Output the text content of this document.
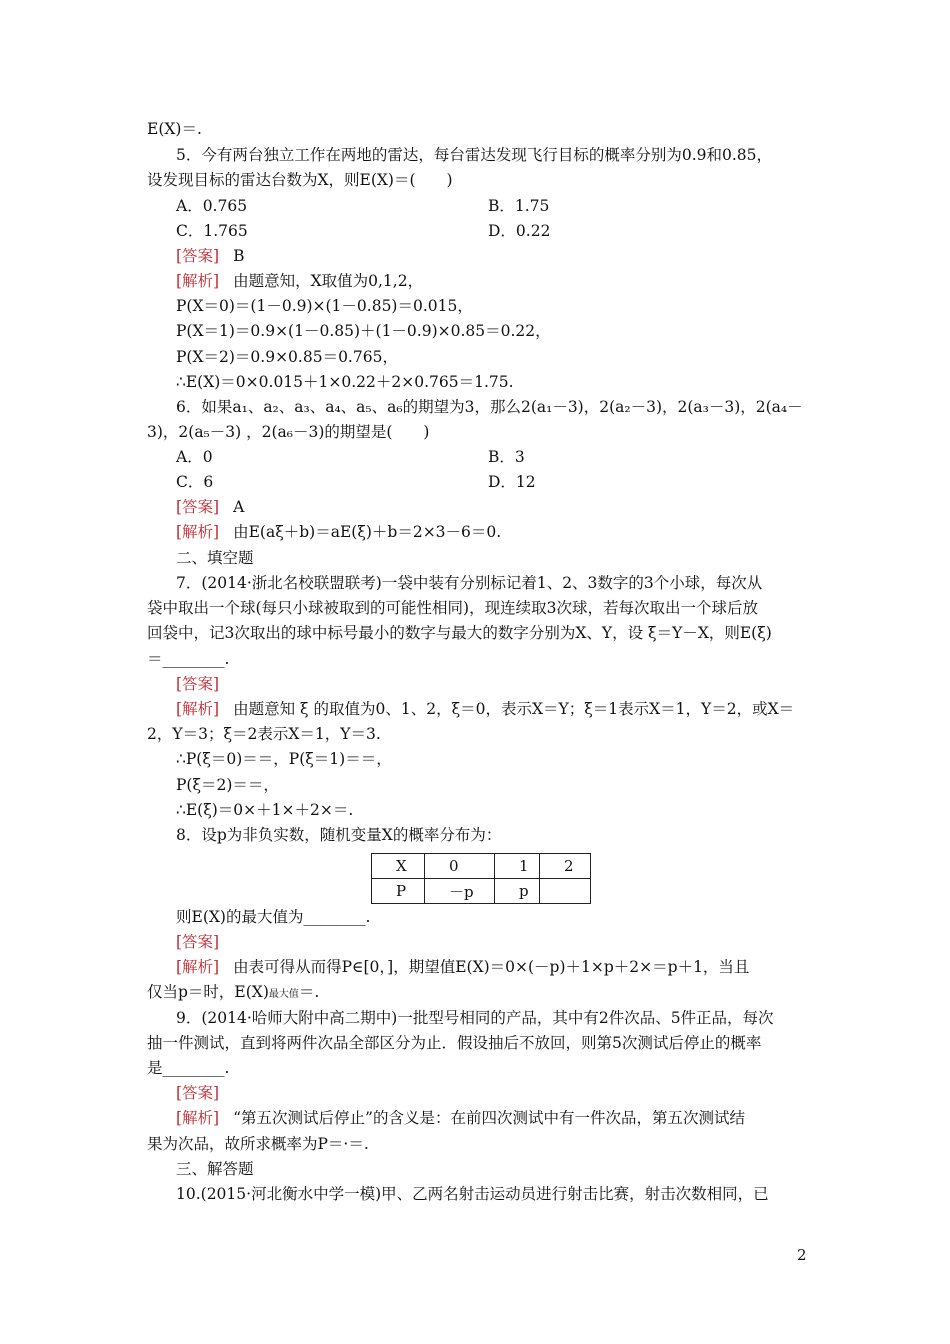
E(X)＝.
5．今有两台独立工作在两地的雷达，每台雷达发现飞行目标的概率分别为0.9和0.85，
设发现目标的雷达台数为X，则E(X)＝(　　)
A．0.765	B．1.75
C．1.765	D．0.22
[答案] B
[解析] 由题意知，X取值为0,1,2，
P(X＝0)＝(1－0.9)×(1－0.85)＝0.015，
P(X＝1)＝0.9×(1－0.85)＋(1－0.9)×0.85＝0.22，
P(X＝2)＝0.9×0.85＝0.765，
∴E(X)＝0×0.015＋1×0.22＋2×0.765＝1.75.
6．如果a₁、a₂、a₃、a₄、a₅、a₆的期望为3，那么2(a₁－3)，2(a₂－3)，2(a₃－3)，2(a₄－
3)，2(a₅－3) ，2(a₆－3)的期望是(　　)
A．0	B．3
C．6	D．12
[答案] A
[解析] 由E(aξ＋b)＝aE(ξ)＋b＝2×3－6＝0.
二、填空题
7．(2014·浙北名校联盟联考)一袋中装有分别标记着1、2、3数字的3个小球，每次从
袋中取出一个球(每只小球被取到的可能性相同)，现连续取3次球，若每次取出一个球后放
回袋中，记3次取出的球中标号最小的数字与最大的数字分别为X、Y，设 ξ＝Y－X，则E(ξ)
＝________.
[答案]
[解析] 由题意知 ξ 的取值为0、1、2，ξ＝0，表示X＝Y；ξ＝1表示X＝1，Y＝2，或X＝
2，Y＝3；ξ＝2表示X＝1，Y＝3.
∴P(ξ＝0)＝＝，P(ξ＝1)＝＝，
P(ξ＝2)＝＝，
∴E(ξ)＝0×＋1×＋2×＝.
8．设p为非负实数，随机变量X的概率分布为：
X	0	1	2
P	－p	p	
则E(X)的最大值为________.
[答案]
[解析] 由表可得从而得P∈[0，]，期望值E(X)＝0×(－p)＋1×p＋2×＝p＋1，当且
仅当p＝时，E(X)最大值＝.
9．(2014·哈师大附中高二期中)一批型号相同的产品，其中有2件次品、5件正品，每次
抽一件测试，直到将两件次品全部区分为止．假设抽后不放回，则第5次测试后停止的概率
是________.
[答案]
[解析] “第五次测试后停止”的含义是：在前四次测试中有一件次品，第五次测试结
果为次品，故所求概率为P＝·＝.
三、解答题
10.(2015·河北衡水中学一模)甲、乙两名射击运动员进行射击比赛，射击次数相同，已
2
